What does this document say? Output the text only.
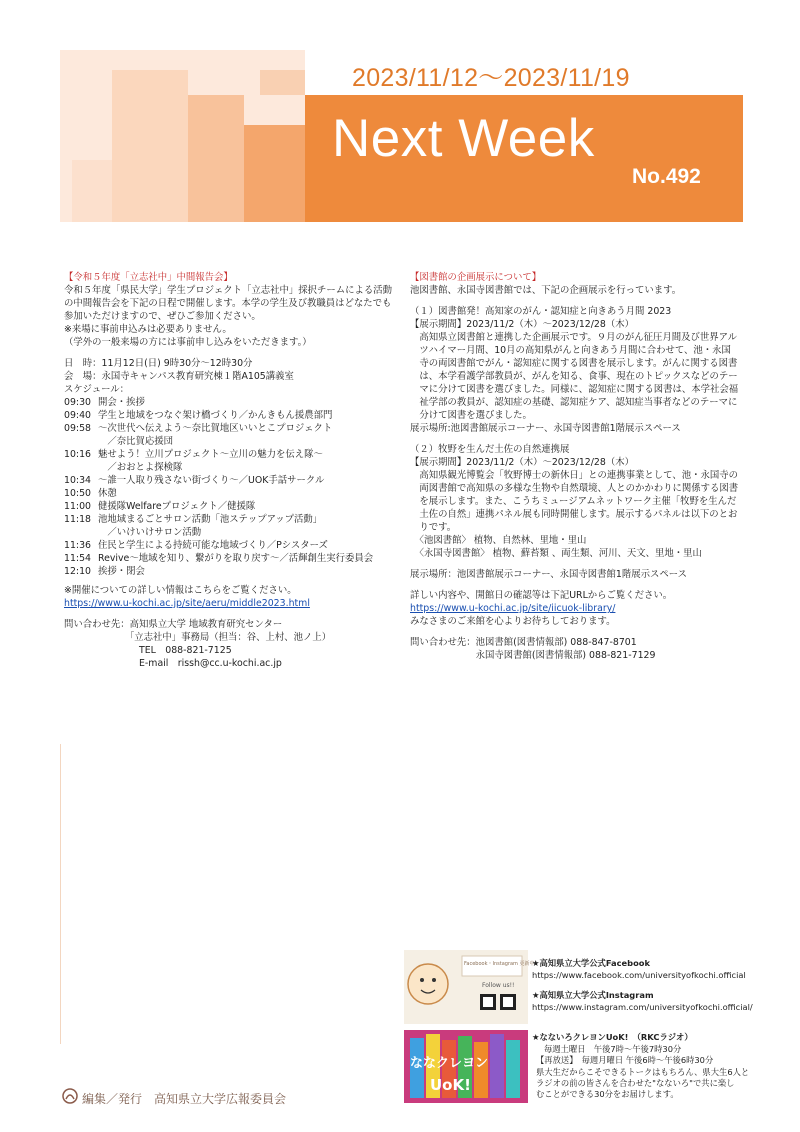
2023/11/12～2023/11/19
Next Week
No.492
【令和５年度「立志社中」中間報告会】
令和５年度「県民大学」学生プロジェクト「立志社中」採択チームによる活動
の中間報告会を下記の日程で開催します。本学の学生及び教職員はどなたでも
参加いただけますので、ぜひご参加ください。
※来場に事前申込みは必要ありません。
（学外の一般来場の方には事前申し込みをいただきます。）
日　時：11月12日(日) 9時30分～12時30分
会　場：永国寺キャンパス教育研究棟１階A105講義室
スケジュール：
09:30 開会・挨拶
09:40 学生と地域をつなぐ架け橋づくり／かんきもん援農部門
09:58 ～次世代へ伝えよう～奈比賀地区いいとこプロジェクト
　／奈比賀応援団
10:16 魅せよう！立川プロジェクト～立川の魅力を伝え隊～
　／おおとよ探検隊
10:34 ～誰一人取り残さない街づくり～／UOK手話サークル
10:50 休憩
11:00 健援隊Welfareプロジェクト／健援隊
11:18 池地域まるごとサロン活動「池ステップアップ活動」
　／いけいけサロン活動
11:36 住民と学生による持続可能な地域づくり／Pシスターズ
11:54 Revive～地域を知り、繋がりを取り戻す～／活輝創生実行委員会
12:10 挨拶・閉会
※開催についての詳しい情報はこちらをご覧ください。
https://www.u-kochi.ac.jp/site/aeru/middle2023.html
問い合わせ先：高知県立大学 地域教育研究センター
　　　　　　　「立志社中」事務局（担当：谷、上村、池ノ上）
　　　　　　　　TEL　088-821-7125
　　　　　　　　E-mail　rissh@cc.u-kochi.ac.jp
【図書館の企画展示について】
池図書館、永国寺図書館では、下記の企画展示を行っています。
（１）図書館発！高知家のがん・認知症と向きあう月間 2023
【展示期間】2023/11/2（木）～2023/12/28（木）
　高知県立図書館と連携した企画展示です。９月のがん征圧月間及び世界アル
　ツハイマー月間、10月の高知県がんと向きあう月間に合わせて、池・永国
　寺の両図書館でがん・認知症に関する図書を展示します。がんに関する図書
　は、本学看護学部教員が、がんを知る、食事、現在のトピックスなどのテー
　マに分けて図書を選びました。同様に、認知症に関する図書は、本学社会福
　祉学部の教員が、認知症の基礎、認知症ケア、認知症当事者などのテーマに
　分けて図書を選びました。
展示場所:池図書館展示コーナー、永国寺図書館1階展示スペース
（２）牧野を生んだ土佐の自然連携展
【展示期間】2023/11/2（木）～2023/12/28（木）
　高知県観光博覧会「牧野博士の新休日」との連携事業として、池・永国寺の
　両図書館で高知県の多様な生物や自然環境、人とのかかわりに関係する図書
　を展示します。また、こうちミュージアムネットワーク主催「牧野を生んだ
　土佐の自然」連携パネル展も同時開催します。展示するパネルは以下のとお
　りです。
　〈池図書館〉 植物、自然林、里地・里山
　〈永国寺図書館〉 植物、蘚苔類 、両生類、河川、天文、里地・里山
展示場所：池図書館展示コーナー、永国寺図書館1階展示スペース
詳しい内容や、開館日の確認等は下記URLからご覧ください。
https://www.u-kochi.ac.jp/site/iicuok-library/
みなさまのご来館を心よりお待ちしております。
問い合わせ先：池図書館(図書情報部) 088-847-8701
　　　　　　　永国寺図書館(図書情報部) 088-821-7129
Facebook・Instagram 更新中!
Follow us!!
ななクレヨン
UoK!
★高知県立大学公式Facebook
https://www.facebook.com/universityofkochi.official
★高知県立大学公式Instagram
https://www.instagram.com/universityofkochi.official/
★なないろクレヨンUoK!　（RKCラジオ）
毎週土曜日　午後7時～午後7時30分
【再放送】　毎週月曜日 午後6時～午後6時30分
県大生だからこそできるトークはもちろん、県大生6人と
ラジオの前の皆さんを合わせた"なないろ"で共に楽し
むことができる30分をお届けします。
編集／発行　高知県立大学広報委員会
